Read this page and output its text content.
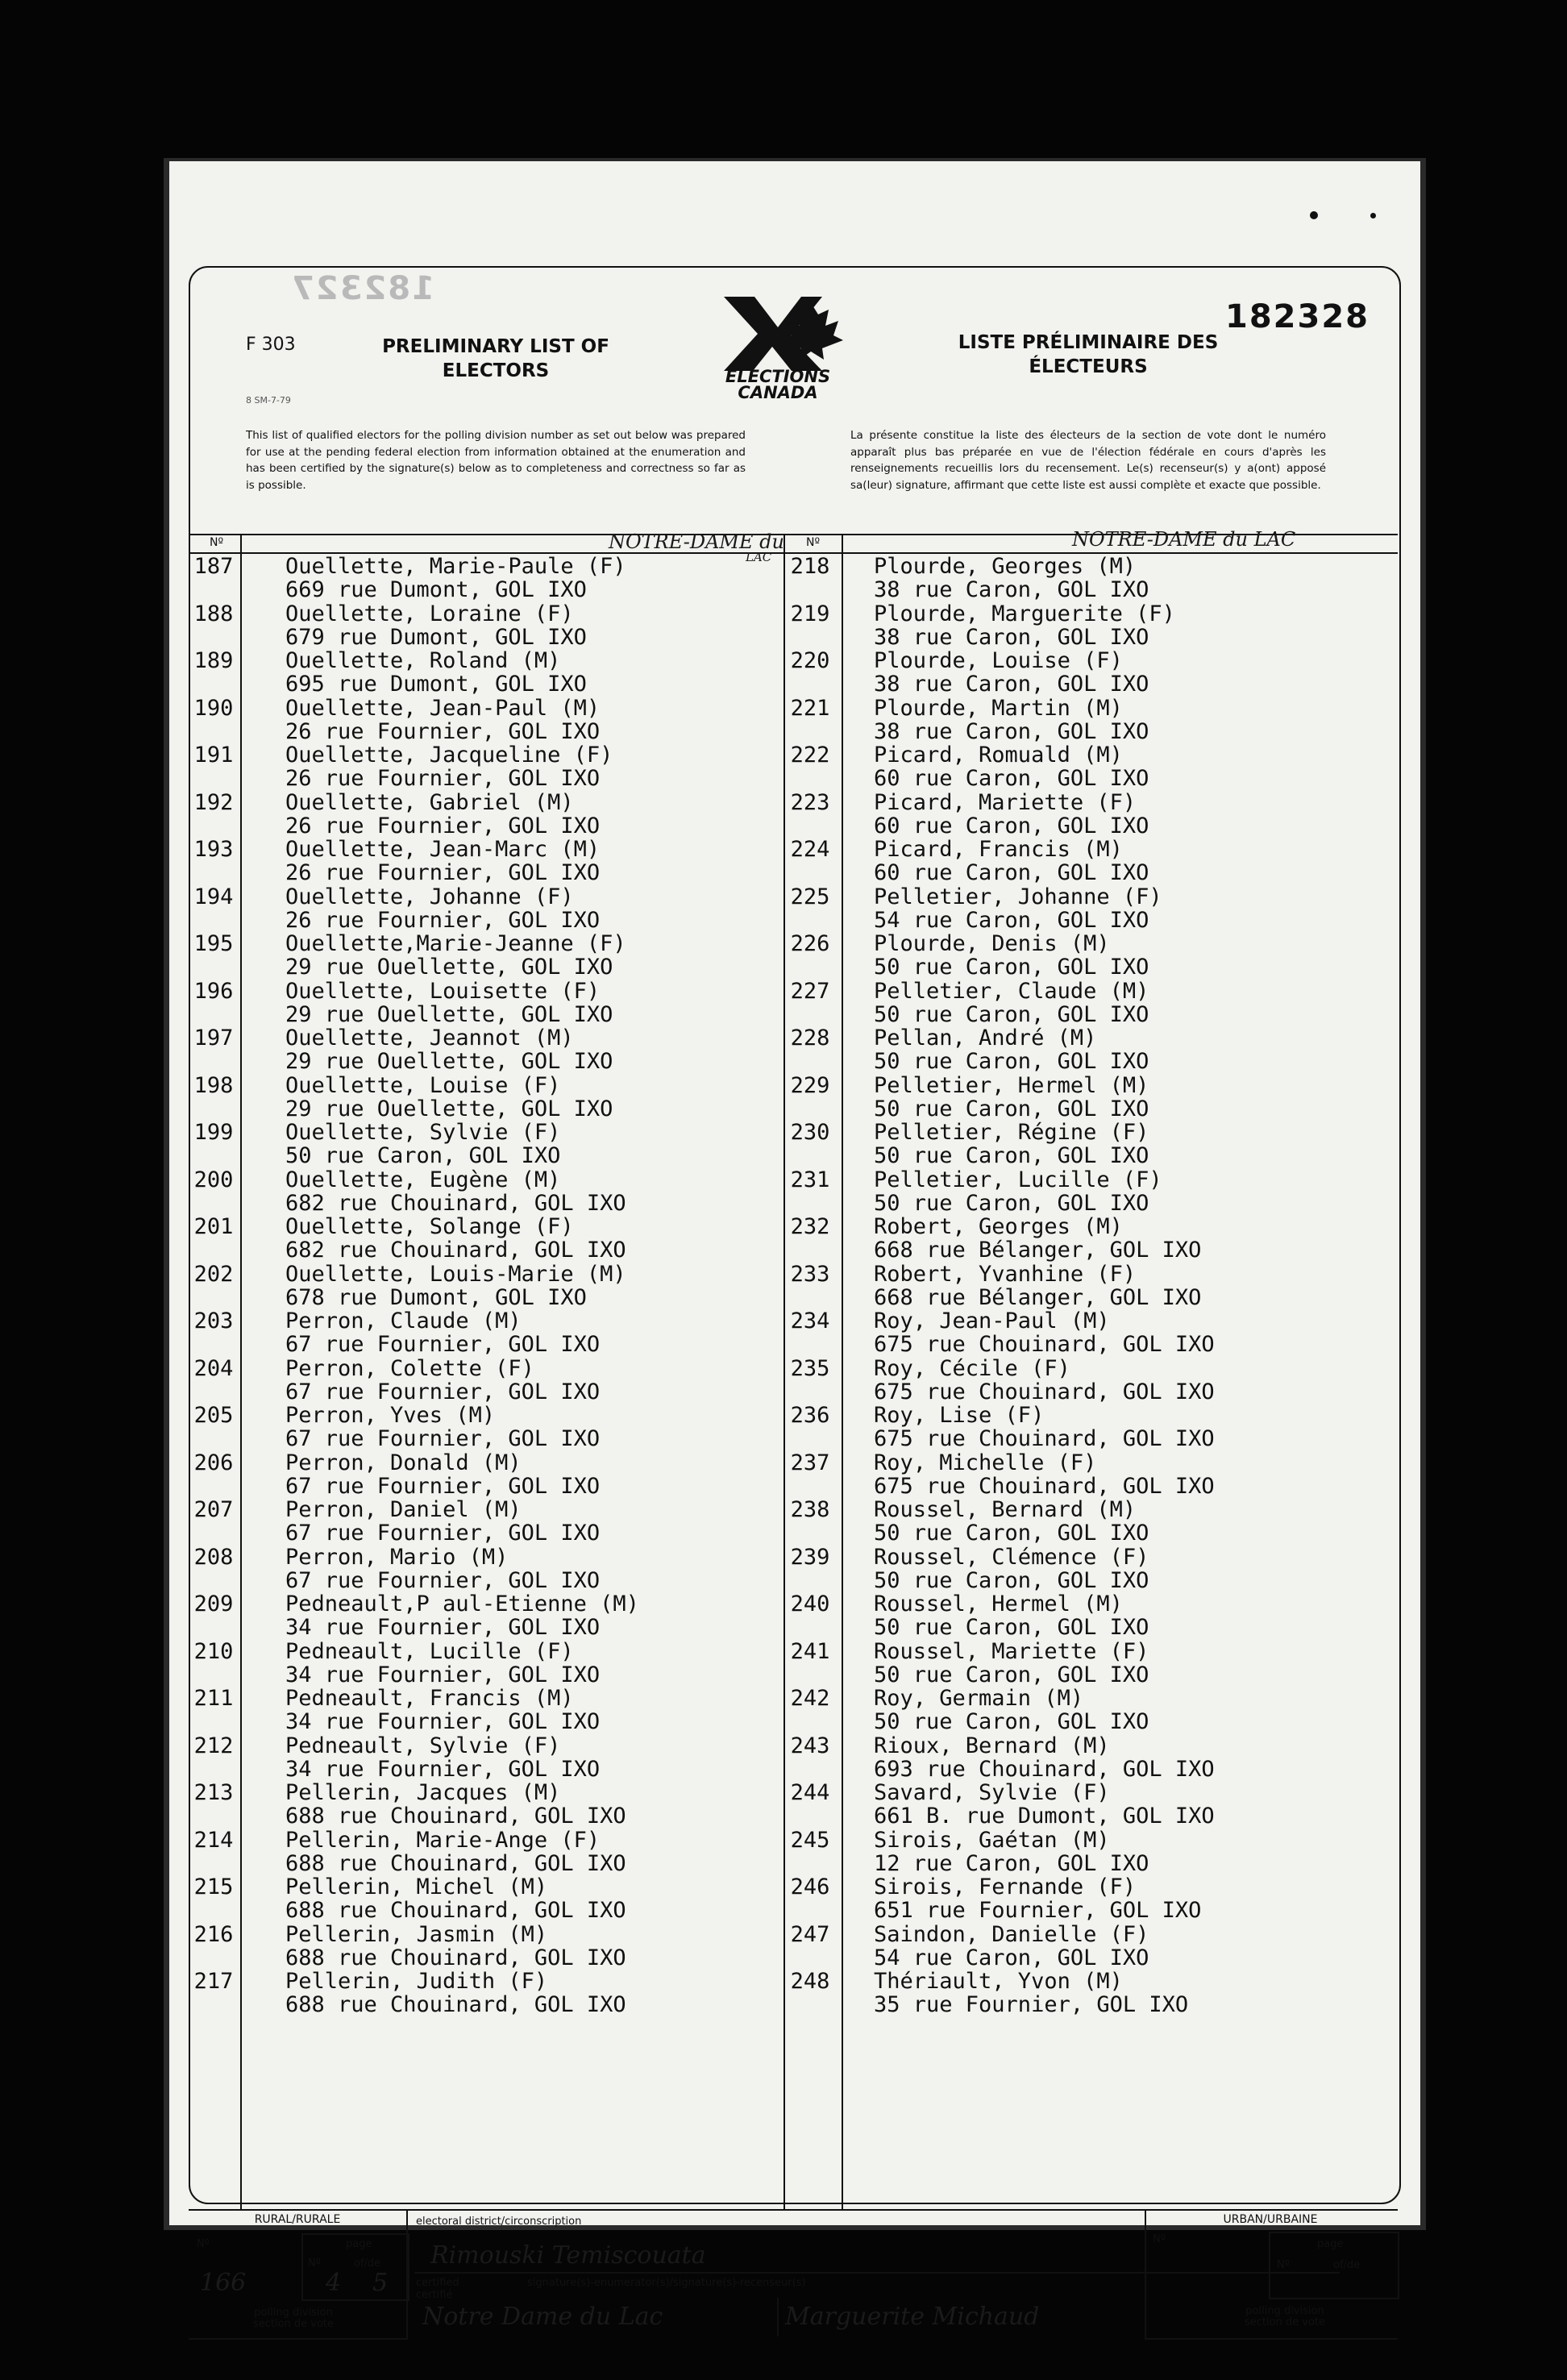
182327
182328
F 303
8 SM-7-79
PRELIMINARY LIST OF
ELECTORS	ELECTIONS
CANADA
LISTE PRÉLIMINAIRE DES
ÉLECTEURS
This list of qualified electors for the polling division number as set out below was prepared for use at the pending federal election from information obtained at the enumeration and has been certified by the signature(s) below as to completeness and correctness so far as is possible.
La présente constitue la liste des électeurs de la section de vote dont le numéro apparaît plus bas préparée en vue de l'élection fédérale en cours d'après les renseignements recueillis lors du recensement. Le(s) recenseur(s) y a(ont) apposé sa(leur) signature, affirmant que cette liste est aussi complète et exacte que possible.
Nº	Nº
NOTRE-DAME du
LAC
NOTRE-DAME du LAC
187 Ouellette, Marie-Paule (F)
669 rue Dumont, GOL IXO
188 Ouellette, Loraine (F)
679 rue Dumont, GOL IXO
189 Ouellette, Roland (M)
695 rue Dumont, GOL IXO
190 Ouellette, Jean-Paul (M)
26 rue Fournier, GOL IXO
191 Ouellette, Jacqueline (F)
26 rue Fournier, GOL IXO
192 Ouellette, Gabriel (M)
26 rue Fournier, GOL IXO
193 Ouellette, Jean-Marc (M)
26 rue Fournier, GOL IXO
194 Ouellette, Johanne (F)
26 rue Fournier, GOL IXO
195 Ouellette,Marie-Jeanne (F)
29 rue Ouellette, GOL IXO
196 Ouellette, Louisette (F)
29 rue Ouellette, GOL IXO
197 Ouellette, Jeannot (M)
29 rue Ouellette, GOL IXO
198 Ouellette, Louise (F)
29 rue Ouellette, GOL IXO
199 Ouellette, Sylvie (F)
50 rue Caron, GOL IXO
200 Ouellette, Eugène (M)
682 rue Chouinard, GOL IXO
201 Ouellette, Solange (F)
682 rue Chouinard, GOL IXO
202 Ouellette, Louis-Marie (M)
678 rue Dumont, GOL IXO
203 Perron, Claude (M)
67 rue Fournier, GOL IXO
204 Perron, Colette (F)
67 rue Fournier, GOL IXO
205 Perron, Yves (M)
67 rue Fournier, GOL IXO
206 Perron, Donald (M)
67 rue Fournier, GOL IXO
207 Perron, Daniel (M)
67 rue Fournier, GOL IXO
208 Perron, Mario (M)
67 rue Fournier, GOL IXO
209 Pedneault,P aul-Etienne (M)
34 rue Fournier, GOL IXO
210 Pedneault, Lucille (F)
34 rue Fournier, GOL IXO
211 Pedneault, Francis (M)
34 rue Fournier, GOL IXO
212 Pedneault, Sylvie (F)
34 rue Fournier, GOL IXO
213 Pellerin, Jacques (M)
688 rue Chouinard, GOL IXO
214 Pellerin, Marie-Ange (F)
688 rue Chouinard, GOL IXO
215 Pellerin, Michel (M)
688 rue Chouinard, GOL IXO
216 Pellerin, Jasmin (M)
688 rue Chouinard, GOL IXO
217 Pellerin, Judith (F)
688 rue Chouinard, GOL IXO
218 Plourde, Georges (M)
38 rue Caron, GOL IXO
219 Plourde, Marguerite (F)
38 rue Caron, GOL IXO
220 Plourde, Louise (F)
38 rue Caron, GOL IXO
221 Plourde, Martin (M)
38 rue Caron, GOL IXO
222 Picard, Romuald (M)
60 rue Caron, GOL IXO
223 Picard, Mariette (F)
60 rue Caron, GOL IXO
224 Picard, Francis (M)
60 rue Caron, GOL IXO
225 Pelletier, Johanne (F)
54 rue Caron, GOL IXO
226 Plourde, Denis (M)
50 rue Caron, GOL IXO
227 Pelletier, Claude (M)
50 rue Caron, GOL IXO
228 Pellan, André (M)
50 rue Caron, GOL IXO
229 Pelletier, Hermel (M)
50 rue Caron, GOL IXO
230 Pelletier, Régine (F)
50 rue Caron, GOL IXO
231 Pelletier, Lucille (F)
50 rue Caron, GOL IXO
232 Robert, Georges (M)
668 rue Bélanger, GOL IXO
233 Robert, Yvanhine (F)
668 rue Bélanger, GOL IXO
234 Roy, Jean-Paul (M)
675 rue Chouinard, GOL IXO
235 Roy, Cécile (F)
675 rue Chouinard, GOL IXO
236 Roy, Lise (F)
675 rue Chouinard, GOL IXO
237 Roy, Michelle (F)
675 rue Chouinard, GOL IXO
238 Roussel, Bernard (M)
50 rue Caron, GOL IXO
239 Roussel, Clémence (F)
50 rue Caron, GOL IXO
240 Roussel, Hermel (M)
50 rue Caron, GOL IXO
241 Roussel, Mariette (F)
50 rue Caron, GOL IXO
242 Roy, Germain (M)
50 rue Caron, GOL IXO
243 Rioux, Bernard (M)
693 rue Chouinard, GOL IXO
244 Savard, Sylvie (F)
661 B. rue Dumont, GOL IXO
245 Sirois, Gaétan (M)
12 rue Caron, GOL IXO
246 Sirois, Fernande (F)
651 rue Fournier, GOL IXO
247 Saindon, Danielle (F)
54 rue Caron, GOL IXO
248 Thériault, Yvon (M)
35 rue Fournier, GOL IXO
RURAL/RURALE
Nº	page
Nº	of/de
166	4 5
polling division
section de vote
electoral district/circonscription
Rimouski Temiscouata
certified
certifié
signature(s)-enumerator(s)/signature(s)-recenseur(s)
Notre Dame du Lac	Marguerite Michaud
URBAN/URBAINE
Nº	page
Nº	of/de
polling division
section de vote
